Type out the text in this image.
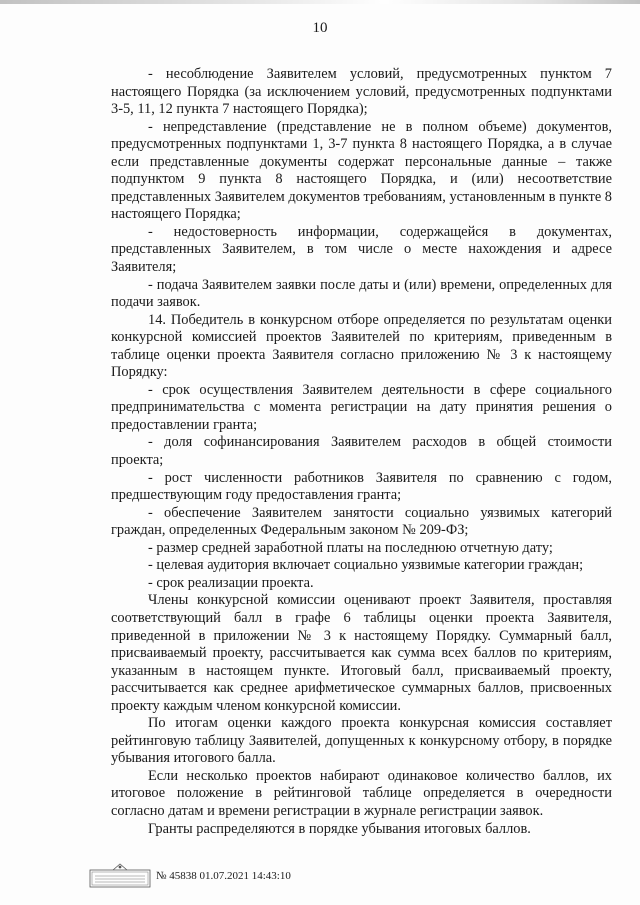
10

- несоблюдение Заявителем условий, предусмотренных пунктом 7 настоящего Порядка (за исключением условий, предусмотренных подпунктами 3-5, 11, 12 пункта 7 настоящего Порядка);

- непредставление (представление не в полном объеме) документов, предусмотренных подпунктами 1, 3-7 пункта 8 настоящего Порядка, а в случае если представленные документы содержат персональные данные – также подпунктом 9 пункта 8 настоящего Порядка, и (или) несоответствие представленных Заявителем документов требованиям, установленным в пункте 8 настоящего Порядка;

- недостоверность информации, содержащейся в документах, представленных Заявителем, в том числе о месте нахождения и адресе Заявителя;

- подача Заявителем заявки после даты и (или) времени, определенных для подачи заявок.

14. Победитель в конкурсном отборе определяется по результатам оценки конкурсной комиссией проектов Заявителей по критериям, приведенным в таблице оценки проекта Заявителя согласно приложению № 3 к настоящему Порядку:

- срок осуществления Заявителем деятельности в сфере социального предпринимательства с момента регистрации на дату принятия решения о предоставлении гранта;

- доля софинансирования Заявителем расходов в общей стоимости проекта;

- рост численности работников Заявителя по сравнению с годом, предшествующим году предоставления гранта;

- обеспечение Заявителем занятости социально уязвимых категорий граждан, определенных Федеральным законом № 209-ФЗ;

- размер средней заработной платы на последнюю отчетную дату;

- целевая аудитория включает социально уязвимые категории граждан;

- срок реализации проекта.

Члены конкурсной комиссии оценивают проект Заявителя, проставляя соответствующий балл в графе 6 таблицы оценки проекта Заявителя, приведенной в приложении № 3 к настоящему Порядку. Суммарный балл, присваиваемый проекту, рассчитывается как сумма всех баллов по критериям, указанным в настоящем пункте. Итоговый балл, присваиваемый проекту, рассчитывается как среднее арифметическое суммарных баллов, присвоенных проекту каждым членом конкурсной комиссии.

По итогам оценки каждого проекта конкурсная комиссия составляет рейтинговую таблицу Заявителей, допущенных к конкурсному отбору, в порядке убывания итогового балла.

Если несколько проектов набирают одинаковое количество баллов, их итоговое положение в рейтинговой таблице определяется в очередности согласно датам и времени регистрации в журнале регистрации заявок.

Гранты распределяются в порядке убывания итоговых баллов.

№ 45838 01.07.2021 14:43:10
